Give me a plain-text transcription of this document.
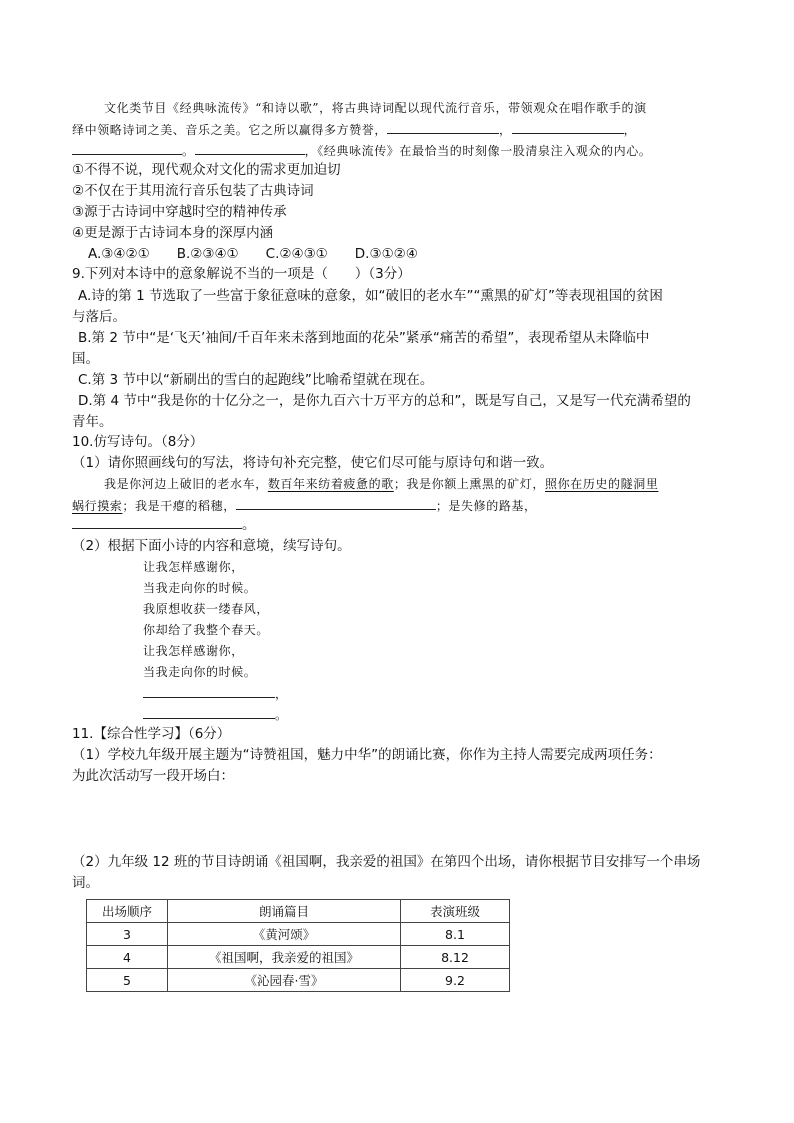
文化类节目《经典咏流传》“和诗以歌”，将古典诗词配以现代流行音乐，带领观众在唱作歌手的演
绎中领略诗词之美、音乐之美。它之所以赢得多方赞誉，	，	，
。	，《经典咏流传》在最恰当的时刻像一股清泉注入观众的内心。
①不得不说，现代观众对文化的需求更加迫切
②不仅在于其用流行音乐包装了古典诗词
③源于古诗词中穿越时空的精神传承
④更是源于古诗词本身的深厚内涵
A.③④②①　　B.②③④①　　C.②④③①　　D.③①②④
9.下列对本诗中的意象解说不当的一项是（　　）（3分）
A.诗的第 1 节选取了一些富于象征意味的意象，如“破旧的老水车”“熏黑的矿灯”等表现祖国的贫困
与落后。
B.第 2 节中“是‘飞天’袖间/千百年来未落到地面的花朵”紧承“痛苦的希望”，表现希望从未降临中
国。
C.第 3 节中以“新刷出的雪白的起跑线”比喻希望就在现在。
D.第 4 节中“我是你的十亿分之一，是你九百六十万平方的总和”，既是写自己，又是写一代充满希望的
青年。
10.仿写诗句。（8分）
（1）请你照画线句的写法，将诗句补充完整，使它们尽可能与原诗句和谐一致。
我是你河边上破旧的老水车，数百年来纺着疲惫的歌；我是你额上熏黑的矿灯，照你在历史的隧洞里
蜗行摸索；我是干瘪的稻穗，	；是失修的路基，
。
（2）根据下面小诗的内容和意境，续写诗句。
让我怎样感谢你，
当我走向你的时候。
我原想收获一缕春风，
你却给了我整个春天。
让我怎样感谢你，
当我走向你的时候。
，
。
11.【综合性学习】（6分）
（1）学校九年级开展主题为“诗赞祖国，魅力中华”的朗诵比赛，你作为主持人需要完成两项任务：
为此次活动写一段开场白：
（2）九年级 12 班的节目诗朗诵《祖国啊，我亲爱的祖国》在第四个出场，请你根据节目安排写一个串场
词。
出场顺序	朗诵篇目	表演班级
3	《黄河颂》	8.1
4	《祖国啊，我亲爱的祖国》	8.12
5	《沁园春·雪》	9.2
